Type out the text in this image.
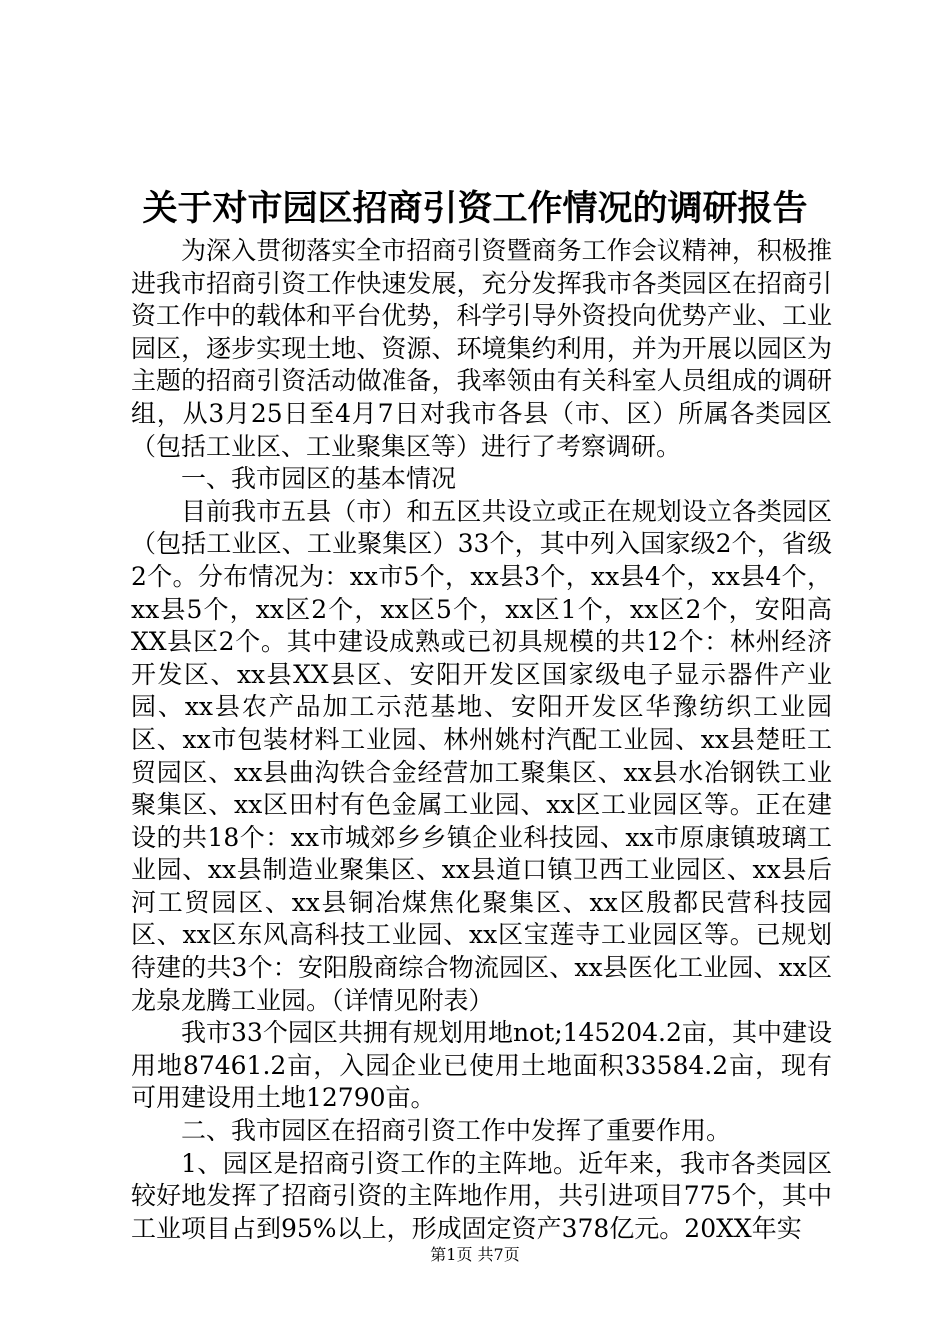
关于对市园区招商引资工作情况的调研报告

为深入贯彻落实全市招商引资暨商务工作会议精神，积极推进我市招商引资工作快速发展，充分发挥我市各类园区在招商引资工作中的载体和平台优势，科学引导外资投向优势产业、工业园区，逐步实现土地、资源、环境集约利用，并为开展以园区为主题的招商引资活动做准备，我率领由有关科室人员组成的调研组，从3月25日至4月7日对我市各县（市、区）所属各类园区（包括工业区、工业聚集区等）进行了考察调研。

一、我市园区的基本情况

目前我市五县（市）和五区共设立或正在规划设立各类园区（包括工业区、工业聚集区）33个，其中列入国家级2个，省级2个。分布情况为：xx市5个，xx县3个，xx县4个，xx县4个，xx县5个，xx区2个，xx区5个，xx区1个，xx区2个，安阳高XX县区2个。其中建设成熟或已初具规模的共12个：林州经济开发区、xx县XX县区、安阳开发区国家级电子显示器件产业园、xx县农产品加工示范基地、安阳开发区华豫纺织工业园区、xx市包装材料工业园、林州姚村汽配工业园、xx县楚旺工贸园区、xx县曲沟铁合金经营加工聚集区、xx县水冶钢铁工业聚集区、xx区田村有色金属工业园、xx区工业园区等。正在建设的共18个：xx市城郊乡乡镇企业科技园、xx市原康镇玻璃工业园、xx县制造业聚集区、xx县道口镇卫西工业园区、xx县后河工贸园区、xx县铜冶煤焦化聚集区、xx区殷都民营科技园区、xx区东风高科技工业园、xx区宝莲寺工业园区等。已规划待建的共3个：安阳殷商综合物流园区、xx县医化工业园、xx区龙泉龙腾工业园。（详情见附表）

我市33个园区共拥有规划用地not;145204.2亩，其中建设用地87461.2亩，入园企业已使用土地面积33584.2亩，现有可用建设用土地12790亩。

二、我市园区在招商引资工作中发挥了重要作用。

1、园区是招商引资工作的主阵地。近年来，我市各类园区较好地发挥了招商引资的主阵地作用，共引进项目775个，其中工业项目占到95%以上，形成固定资产378亿元。20XX年实

第1页 共7页
